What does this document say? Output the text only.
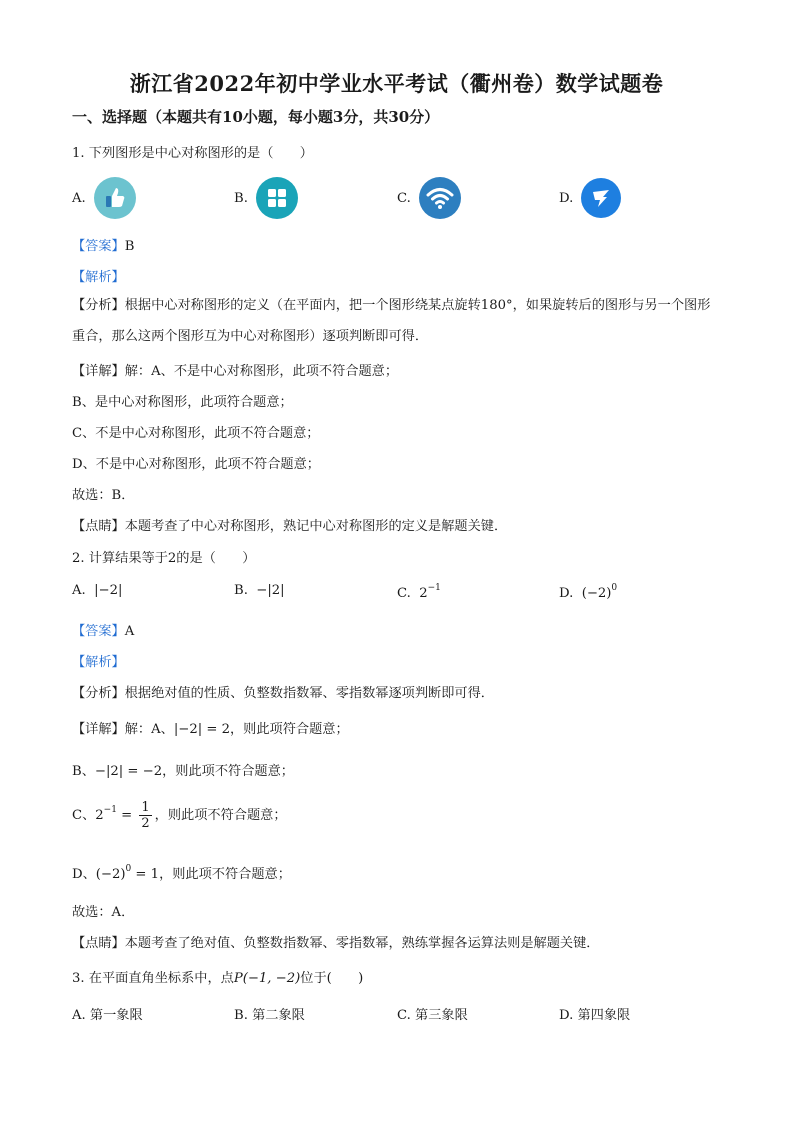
浙江省2022年初中学业水平考试（衢州卷）数学试题卷
一、选择题（本题共有10小题，每小题3分，共30分）
1. 下列图形是中心对称图形的是（　　）
A.	B.	C.	D.
【答案】B
【解析】
【分析】根据中心对称图形的定义（在平面内，把一个图形绕某点旋转180°，如果旋转后的图形与另一个图形重合，那么这两个图形互为中心对称图形）逐项判断即可得．
【详解】解：A、不是中心对称图形，此项不符合题意；
B、是中心对称图形，此项符合题意；
C、不是中心对称图形，此项不符合题意；
D、不是中心对称图形，此项不符合题意；
故选：B．
【点睛】本题考查了中心对称图形，熟记中心对称图形的定义是解题关键．
2. 计算结果等于2的是（　　）
A. |−2|	B. −|2|	C. $2^{-1}$	D. $(-2)^0$
【答案】A
【解析】
【分析】根据绝对值的性质、负整数指数幂、零指数幂逐项判断即可得．
【详解】解：A、|−2| = 2，则此项符合题意；
B、−|2| = −2，则此项不符合题意；
C、$2^{-1} = \frac{1}{2}$ ，则此项不符合题意；
D、$(-2)^0 = 1$，则此项不符合题意；
故选：A．
【点睛】本题考查了绝对值、负整数指数幂、零指数幂，熟练掌握各运算法则是解题关键．
3. 在平面直角坐标系中，点P(−1, −2)位于(　　)
A. 第一象限	B. 第二象限	C. 第三象限	D. 第四象限
